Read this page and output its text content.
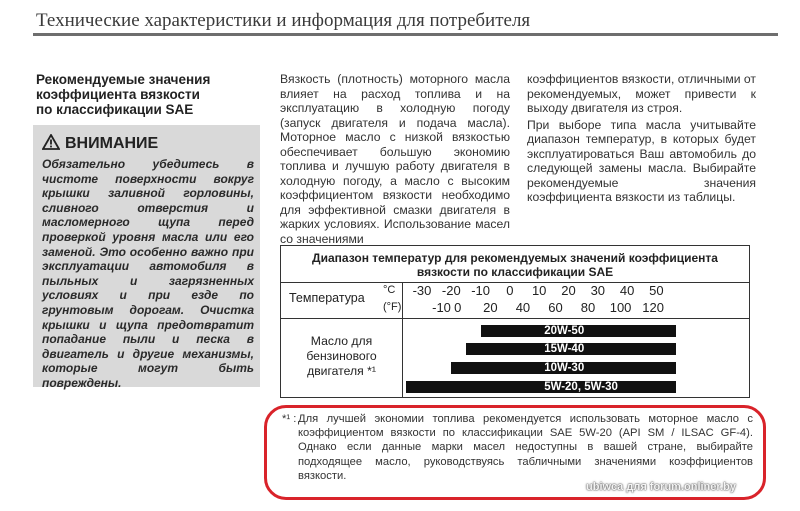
Технические характеристики и информация для потребителя
Рекомендуемые значения
коэффициента вязкости
по классификации SAE
ВНИМАНИЕ
Обязательно убедитесь в чистоте поверхности вокруг крышки заливной горловины, сливного отверстия и масломерного щупа перед проверкой уровня масла или его заменой. Это особенно важно при эксплуатации автомобиля в пыльных и загрязненных условиях и при езде по грунтовым дорогам. Очистка крышки и щупа предотвратит попадание пыли и песка в двигатель и другие механизмы, которые могут быть повреждены.
Вязкость (плотность) моторного масла влияет на расход топлива и на эксплуатацию в холодную погоду (запуск двигателя и подача масла). Моторное масло с низкой вязкостью обеспечивает большую экономию топлива и лучшую работу двигателя в холодную погоду, а масло с высоким коэффициентом вязкости необходимо для эффективной смазки двигателя в жарких условиях. Использование масел со значениями

коэффициентов вязкости, отличными от рекомендуемых, может привести к выходу двигателя из строя.

При выборе типа масла учитывайте диапазон температур, в которых будет эксплуатироваться Ваш автомобиль до следующей замены масла. Выбирайте рекомендуемые значения коэффициента вязкости из таблицы.

Диапазон температур для рекомендуемых значений коэффициента
вязкости по классификации SAE
Температура
°C
(°F)
-30 -20 -10	0	10	20	30	40	50
-10 0	20	40	60	80	100 120
Масло для бензинового двигателя *¹
20W-50
15W-40
10W-30
5W-20, 5W-30
*¹ : Для лучшей экономии топлива рекомендуется использовать моторное масло с коэффициентом вязкости по классификации SAE 5W-20 (API SM / ILSAC GF-4). Однако если данные марки масел недоступны в вашей стране, выбирайте подходящее масло, руководствуясь табличными значениями коэффициентов вязкости.
ubiwca для forum.onliner.by
